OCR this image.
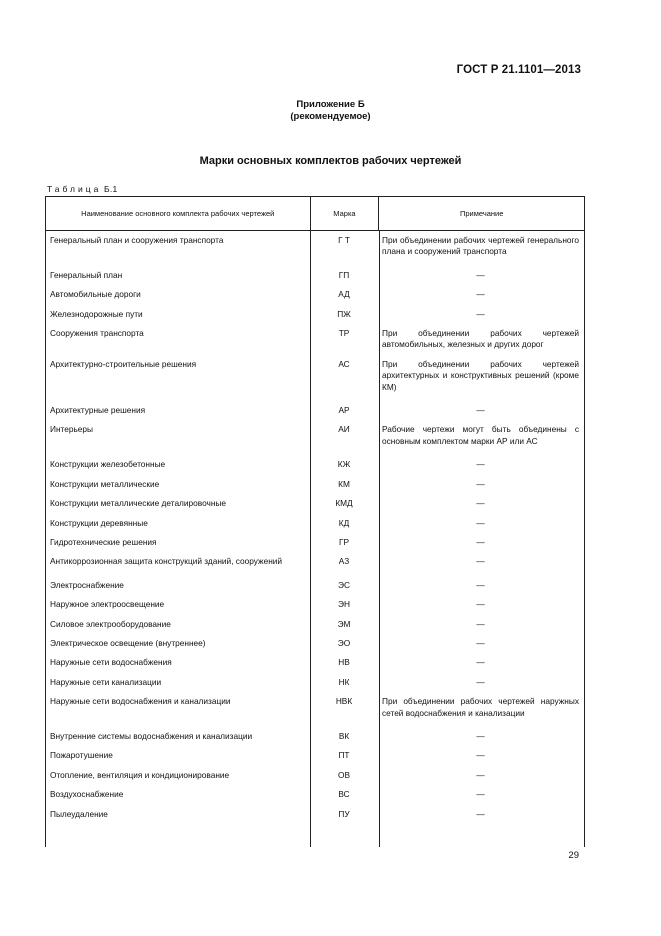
ГОСТ Р 21.1101—2013
Приложение Б
(рекомендуемое)
Марки основных комплектов рабочих чертежей
Таблица Б.1
Наименование основного комплекта рабочих чертежей	Марка	Примечание
Генеральный план и сооружения транспорта	Г Т	При объединении рабочих чертежей генерального плана и сооружений транспорта
Генеральный план	ГП	—
Автомобильные дороги	АД	—
Железнодорожные пути	ПЖ	—
Сооружения транспорта	ТР	При объединении рабочих чертежей автомобильных, железных и других дорог
Архитектурно-строительные решения	АС	При объединении рабочих чертежей архитектурных и конструктивных решений (кроме КМ)
Архитектурные решения	АР	—
Интерьеры	АИ	Рабочие чертежи могут быть объединены с основным комплектом марки АР или АС
Конструкции железобетонные	КЖ	—
Конструкции металлические	КМ	—
Конструкции металлические деталировочные	КМД	—
Конструкции деревянные	КД	—
Гидротехнические решения	ГР	—
Антикоррозионная защита конструкций зданий, сооружений	АЗ	—
Электроснабжение	ЭС	—
Наружное электроосвещение	ЭН	—
Силовое электрооборудование	ЭМ	—
Электрическое освещение (внутреннее)	ЭО	—
Наружные сети водоснабжения	НВ	—
Наружные сети канализации	НК	—
Наружные сети водоснабжения и канализации	НВК	При объединении рабочих чертежей наружных сетей водоснабжения и канализации
Внутренние системы водоснабжения и канализации	ВК	—
Пожаротушение	ПТ	—
Отопление, вентиляция и кондиционирование	ОВ	—
Воздухоснабжение	ВС	—
Пылеудаление	ПУ	—
29
